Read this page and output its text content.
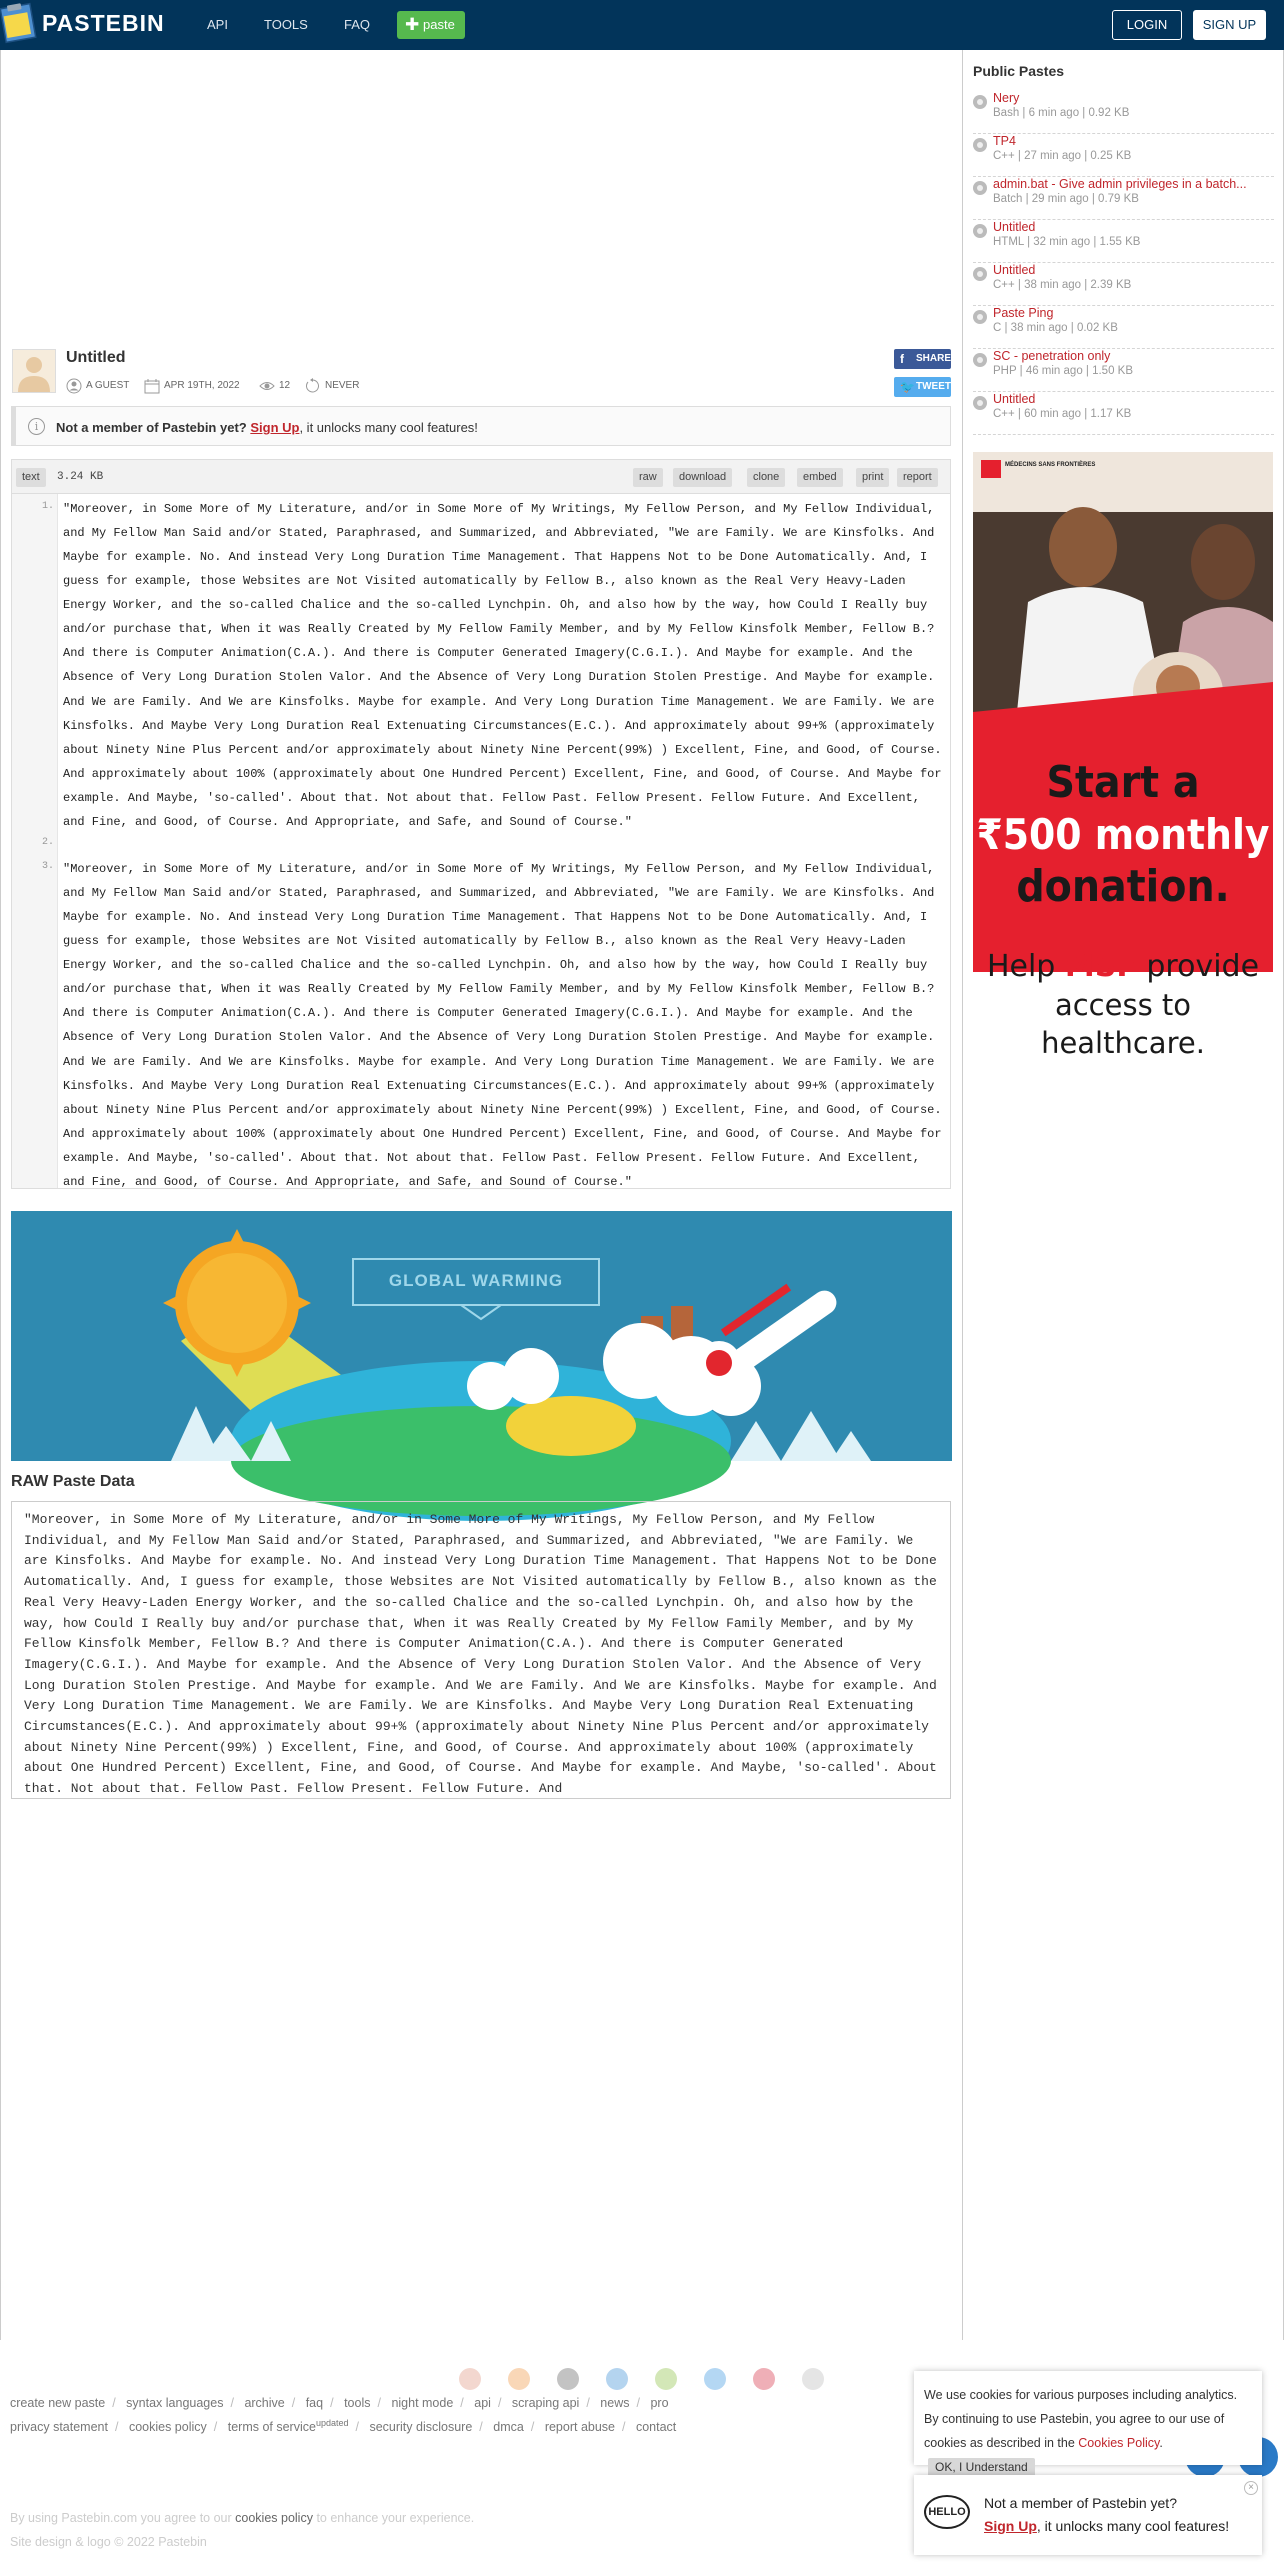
PASTEBIN	API	TOOLS	FAQ ✚ paste	LOGIN	SIGN UP
Untitled
A GUEST	APR 19TH, 2022	12	NEVER
f SHARE
🐦 TWEET
i	Not a member of Pastebin yet? Sign Up, it unlocks many cool features!
text	3.24 KB	raw	download	clone	embed	print	report
1.
2.
3.
"Moreover, in Some More of My Literature, and/or in Some More of My Writings, My Fellow Person, and My Fellow Individual, and My Fellow Man Said and/or Stated, Paraphrased, and Summarized, and Abbreviated, "We are Family. We are Kinsfolks. And Maybe for example. No. And instead Very Long Duration Time Management. That Happens Not to be Done Automatically. And, I guess for example, those Websites are Not Visited automatically by Fellow B., also known as the Real Very Heavy-Laden Energy Worker, and the so-called Chalice and the so-called Lynchpin. Oh, and also how by the way, how Could I Really buy and/or purchase that, When it was Really Created by My Fellow Family Member, and by My Fellow Kinsfolk Member, Fellow B.? And there is Computer Animation(C.A.). And there is Computer Generated Imagery(C.G.I.). And Maybe for example. And the Absence of Very Long Duration Stolen Valor. And the Absence of Very Long Duration Stolen Prestige. And Maybe for example. And We are Family. And We are Kinsfolks. Maybe for example. And Very Long Duration Time Management. We are Family. We are Kinsfolks. And Maybe Very Long Duration Real Extenuating Circumstances(E.C.). And approximately about 99+% (approximately about Ninety Nine Plus Percent and/or approximately about Ninety Nine Percent(99%) ) Excellent, Fine, and Good, of Course. And approximately about 100% (approximately about One Hundred Percent) Excellent, Fine, and Good, of Course. And Maybe for example. And Maybe, 'so-called'. About that. Not about that. Fellow Past. Fellow Present. Fellow Future. And Excellent, and Fine, and Good, of Course. And Appropriate, and Safe, and Sound of Course."
"Moreover, in Some More of My Literature, and/or in Some More of My Writings, My Fellow Person, and My Fellow Individual, and My Fellow Man Said and/or Stated, Paraphrased, and Summarized, and Abbreviated, "We are Family. We are Kinsfolks. And Maybe for example. No. And instead Very Long Duration Time Management. That Happens Not to be Done Automatically. And, I guess for example, those Websites are Not Visited automatically by Fellow B., also known as the Real Very Heavy-Laden Energy Worker, and the so-called Chalice and the so-called Lynchpin. Oh, and also how by the way, how Could I Really buy and/or purchase that, When it was Really Created by My Fellow Family Member, and by My Fellow Kinsfolk Member, Fellow B.? And there is Computer Animation(C.A.). And there is Computer Generated Imagery(C.G.I.). And Maybe for example. And the Absence of Very Long Duration Stolen Valor. And the Absence of Very Long Duration Stolen Prestige. And Maybe for example. And We are Family. And We are Kinsfolks. Maybe for example. And Very Long Duration Time Management. We are Family. We are Kinsfolks. And Maybe Very Long Duration Real Extenuating Circumstances(E.C.). And approximately about 99+% (approximately about Ninety Nine Plus Percent and/or approximately about Ninety Nine Percent(99%) ) Excellent, Fine, and Good, of Course. And approximately about 100% (approximately about One Hundred Percent) Excellent, Fine, and Good, of Course. And Maybe for example. And Maybe, 'so-called'. About that. Not about that. Fellow Past. Fellow Present. Fellow Future. And Excellent, and Fine, and Good, of Course. And Appropriate, and Safe, and Sound of Course."
GLOBAL WARMING
RAW Paste Data
"Moreover, in Some More of My Literature, and/or in Some More of My Writings, My Fellow Person, and My Fellow Individual, and My Fellow Man Said and/or Stated, Paraphrased, and Summarized, and Abbreviated, "We are Family. We are Kinsfolks. And Maybe for example. No. And instead Very Long Duration Time Management. That Happens Not to be Done Automatically. And, I guess for example, those Websites are Not Visited automatically by Fellow B., also known as the Real Very Heavy-Laden Energy Worker, and the so-called Chalice and the so-called Lynchpin. Oh, and also how by the way, how Could I Really buy and/or purchase that, When it was Really Created by My Fellow Family Member, and by My Fellow Kinsfolk Member, Fellow B.? And there is Computer Animation(C.A.). And there is Computer Generated Imagery(C.G.I.). And Maybe for example. And the Absence of Very Long Duration Stolen Valor. And the Absence of Very Long Duration Stolen Prestige. And Maybe for example. And We are Family. And We are Kinsfolks. Maybe for example. And Very Long Duration Time Management. We are Family. We are Kinsfolks. And Maybe Very Long Duration Real Extenuating Circumstances(E.C.). And approximately about 99+% (approximately about Ninety Nine Plus Percent and/or approximately about Ninety Nine Percent(99%) ) Excellent, Fine, and Good, of Course. And approximately about 100% (approximately about One Hundred Percent) Excellent, Fine, and Good, of Course. And Maybe for example. And Maybe, 'so-called'. About that. Not about that. Fellow Past. Fellow Present. Fellow Future. And
Public Pastes
Nery
Bash | 6 min ago | 0.92 KB
TP4
C++ | 27 min ago | 0.25 KB
admin.bat - Give admin privileges in a batch...
Batch | 29 min ago | 0.79 KB
Untitled
HTML | 32 min ago | 1.55 KB
Untitled
C++ | 38 min ago | 2.39 KB
Paste Ping
C | 38 min ago | 0.02 KB
SC - penetration only
PHP | 46 min ago | 1.50 KB
Untitled
C++ | 60 min ago | 1.17 KB
MÉDECINS SANS FRONTIÈRES
Start a
₹500 monthly
donation.
Help MSF provide
access to healthcare.
create new paste / syntax languages / archive / faq / tools / night mode / api / scraping api / news / pro
privacy statement / cookies policy / terms of service$^{updated}$ / security disclosure / dmca / report abuse / contact
By using Pastebin.com you agree to our cookies policy to enhance your experience.
Site design & logo © 2022 Pastebin
We use cookies for various purposes including analytics. By continuing to use Pastebin, you agree to our use of cookies as described in the Cookies Policy. OK, I Understand
HELLO
×
Not a member of Pastebin yet?
Sign Up, it unlocks many cool features!
